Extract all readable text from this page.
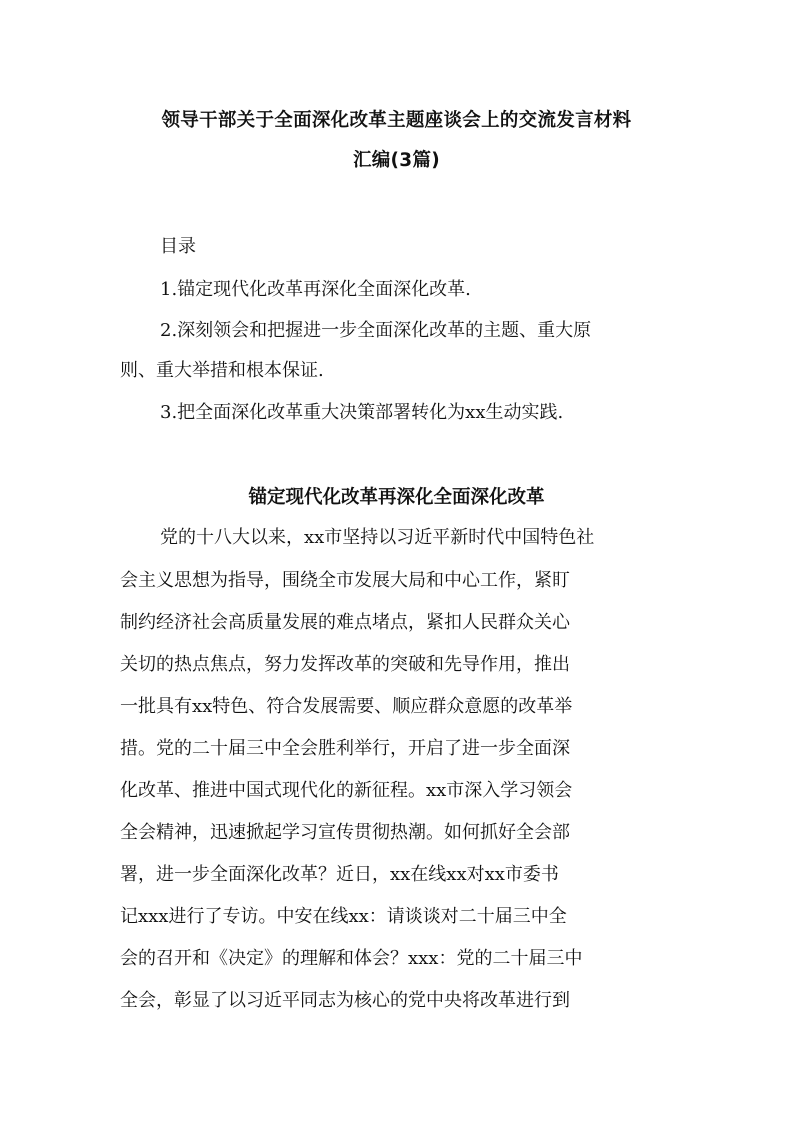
领导干部关于全面深化改革主题座谈会上的交流发言材料
汇编(3篇)
目录
1.锚定现代化改革再深化全面深化改革.
2.深刻领会和把握进一步全面深化改革的主题、重大原
则、重大举措和根本保证.
3.把全面深化改革重大决策部署转化为xx生动实践.
锚定现代化改革再深化全面深化改革
党的十八大以来，xx市坚持以习近平新时代中国特色社
会主义思想为指导，围绕全市发展大局和中心工作，紧盯
制约经济社会高质量发展的难点堵点，紧扣人民群众关心
关切的热点焦点，努力发挥改革的突破和先导作用，推出
一批具有xx特色、符合发展需要、顺应群众意愿的改革举
措。党的二十届三中全会胜利举行，开启了进一步全面深
化改革、推进中国式现代化的新征程。xx市深入学习领会
全会精神，迅速掀起学习宣传贯彻热潮。如何抓好全会部
署，进一步全面深化改革？近日，xx在线xx对xx市委书
记xxx进行了专访。中安在线xx：请谈谈对二十届三中全
会的召开和《决定》的理解和体会？xxx：党的二十届三中
全会，彰显了以习近平同志为核心的党中央将改革进行到
